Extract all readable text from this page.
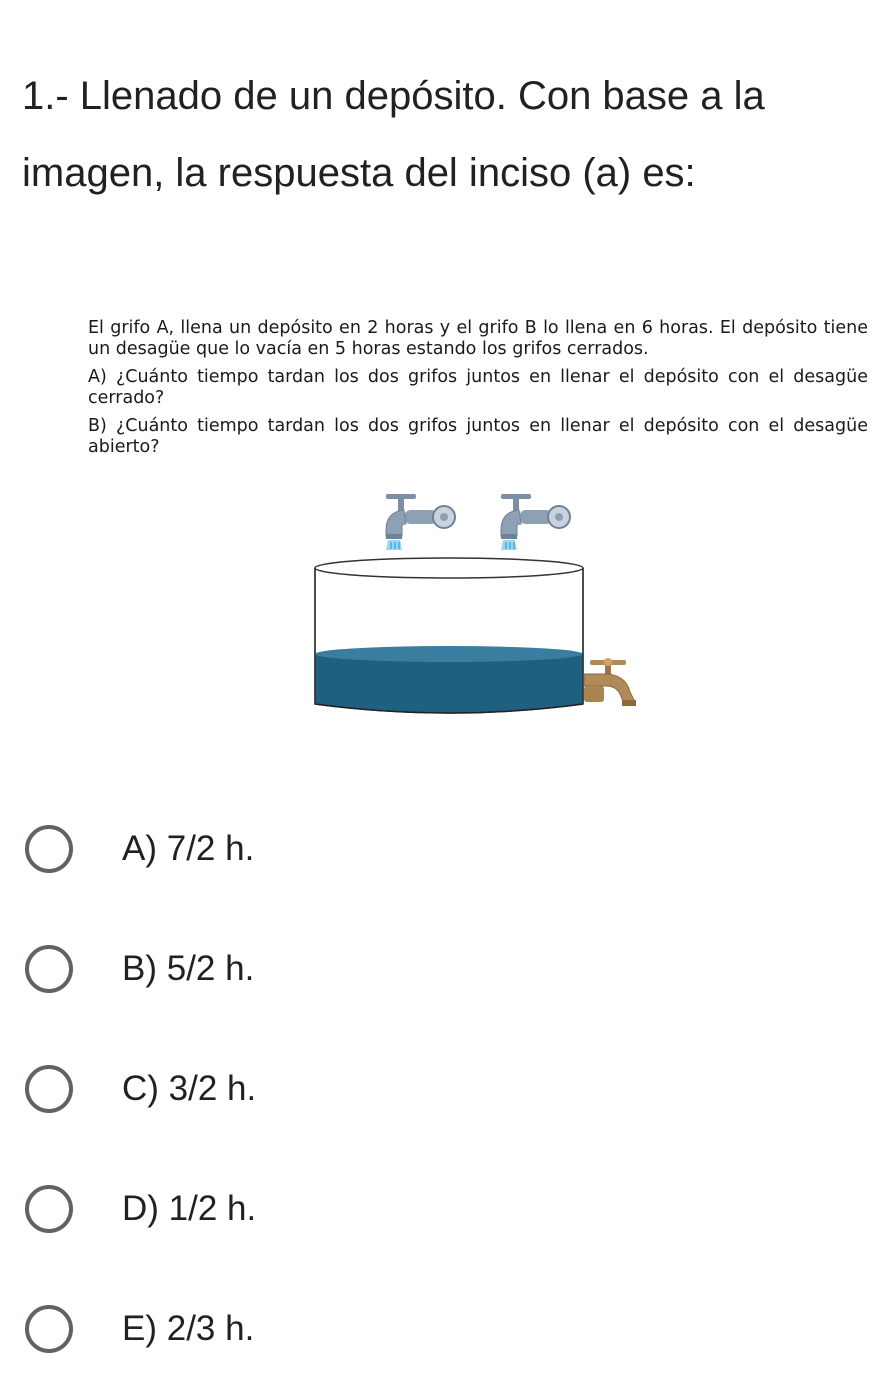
1.- Llenado de un depósito. Con base a la imagen, la respuesta del inciso (a) es:

El grifo A, llena un depósito en 2 horas y el grifo B lo llena en 6 horas. El depósito tiene un desagüe que lo vacía en 5 horas estando los grifos cerrados.

A) ¿Cuánto tiempo tardan los dos grifos juntos en llenar el depósito con el desagüe cerrado?

B) ¿Cuánto tiempo tardan los dos grifos juntos en llenar el depósito con el desagüe abierto?

A) 7/2 h.
B) 5/2 h.
C) 3/2 h.
D) 1/2 h.
E) 2/3 h.
